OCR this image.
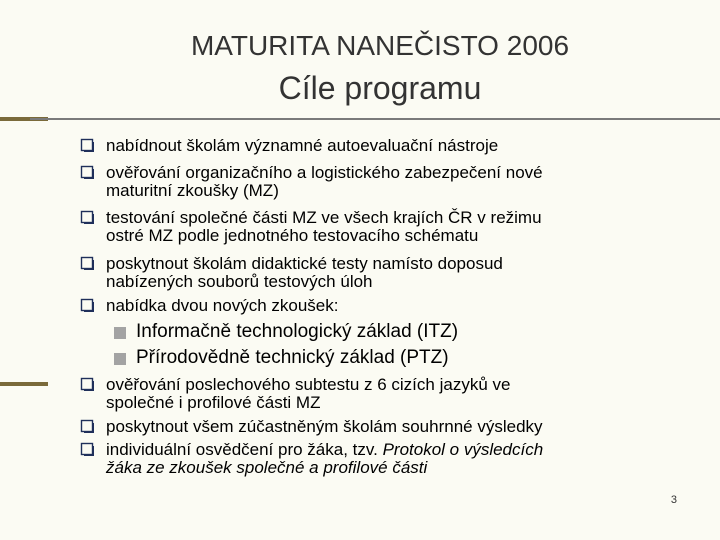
MATURITA NANEČISTO 2006
Cíle programu
nabídnout školám významné autoevaluační nástroje
ověřování organizačního a logistického zabezpečení nové
maturitní zkoušky (MZ)
testování společné části MZ ve všech krajích ČR v režimu
ostré MZ podle jednotného testovacího schématu
poskytnout školám didaktické testy namísto doposud
nabízených souborů testových úloh
nabídka dvou nových zkoušek:
Informačně technologický základ (ITZ)
Přírodovědně technický základ (PTZ)
ověřování poslechového subtestu z 6 cizích jazyků ve
společné i profilové části MZ
poskytnout všem zúčastněným školám souhrnné výsledky
individuální osvědčení pro žáka, tzv. Protokol o výsledcích
žáka ze zkoušek společné a profilové části
3
